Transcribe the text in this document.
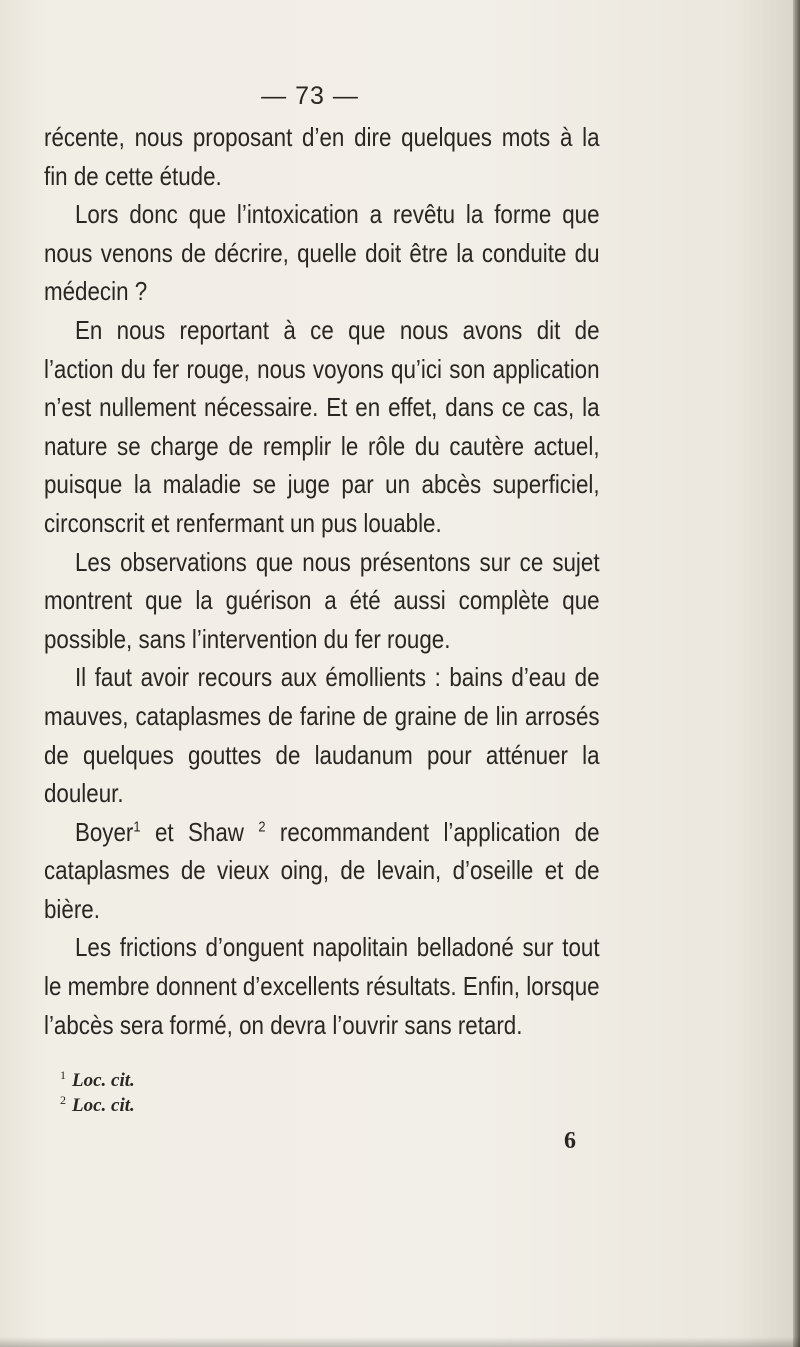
— 73 —

récente, nous proposant d’en dire quelques mots à la fin de cette étude.

Lors donc que l’intoxication a revêtu la forme que nous venons de décrire, quelle doit être la conduite du médecin ?

En nous reportant à ce que nous avons dit de l’action du fer rouge, nous voyons qu’ici son application n’est nullement nécessaire. Et en effet, dans ce cas, la nature se charge de remplir le rôle du cautère actuel, puisque la maladie se juge par un abcès superficiel, circonscrit et renfermant un pus louable.

Les observations que nous présentons sur ce sujet montrent que la guérison a été aussi complète que possible, sans l’intervention du fer rouge.

Il faut avoir recours aux émollients : bains d’eau de mauves, cataplasmes de farine de graine de lin arrosés de quelques gouttes de laudanum pour atténuer la douleur.

Boyer$^1$ et Shaw $^2$ recommandent l’application de cataplasmes de vieux oing, de levain, d’oseille et de bière.

Les frictions d’onguent napolitain belladoné sur tout le membre donnent d’excellents résultats. Enfin, lorsque l’abcès sera formé, on devra l’ouvrir sans retard.

$^1$ Loc. cit.
$^2$ Loc. cit.
6
